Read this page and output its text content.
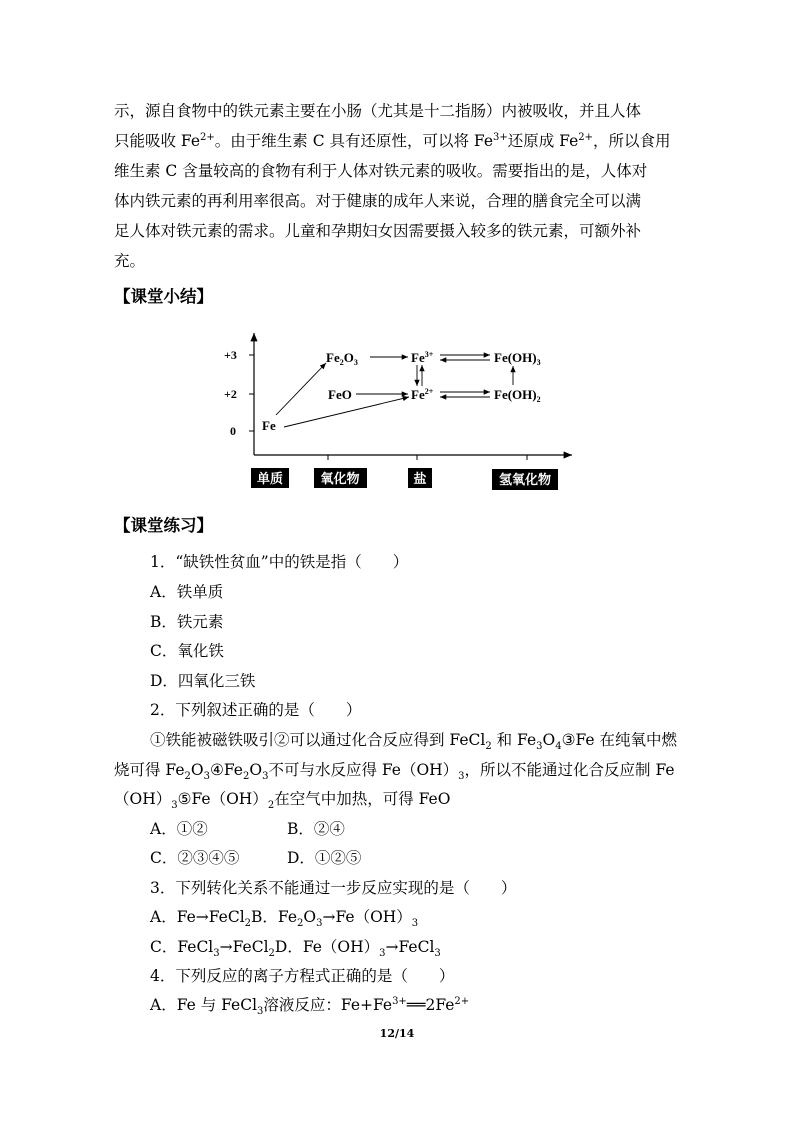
示，源自食物中的铁元素主要在小肠（尤其是十二指肠）内被吸收，并且人体

只能吸收 $Fe^{2+}$。由于维生素 C 具有还原性，可以将 $Fe^{3+}$还原成 $Fe^{2+}$，所以食用

维生素 C 含量较高的食物有利于人体对铁元素的吸收。需要指出的是，人体对

体内铁元素的再利用率很高。对于健康的成年人来说，合理的膳食完全可以满

足人体对铁元素的需求。儿童和孕期妇女因需要摄入较多的铁元素，可额外补

充。

【课堂小结】
+3
+2
0 Fe
$Fe_2O_3$	$Fe^{3+}$	$Fe(OH)_3$
FeO	$Fe^{2+}$	$Fe(OH)_2$
单质	氧化物	盐	氢氧化物
【课堂练习】
1．“缺铁性贫血”中的铁是指（　　）
A．铁单质
B．铁元素
C．氧化铁
D．四氧化三铁
2．下列叙述正确的是（　　）
①铁能被磁铁吸引②可以通过化合反应得到 FeCl$_2$ 和 $Fe_3O_4③Fe$ 在纯氧中燃
烧可得 $Fe_2O_3④Fe_2O_3$不可与水反应得 $Fe(OH)_3$，所以不能通过化合反应制 Fe
$(OH)_3⑤Fe(OH)_2$在空气中加热，可得 FeO
A．①②	B．②④
C．②③④⑤	D．①②⑤
3．下列转化关系不能通过一步反应实现的是（　　）
A．Fe→FeCl$_2$B．$Fe_2O_3\to Fe(OH)_3$
C．FeCl$_3$→FeCl$_2$D．$Fe(OH)_3\to FeCl_3$
4．下列反应的离子方程式正确的是（　　）
A．Fe 与 FeCl$_3$溶液反应：$Fe+Fe^{3+}══2Fe^{2+}$
12/14
